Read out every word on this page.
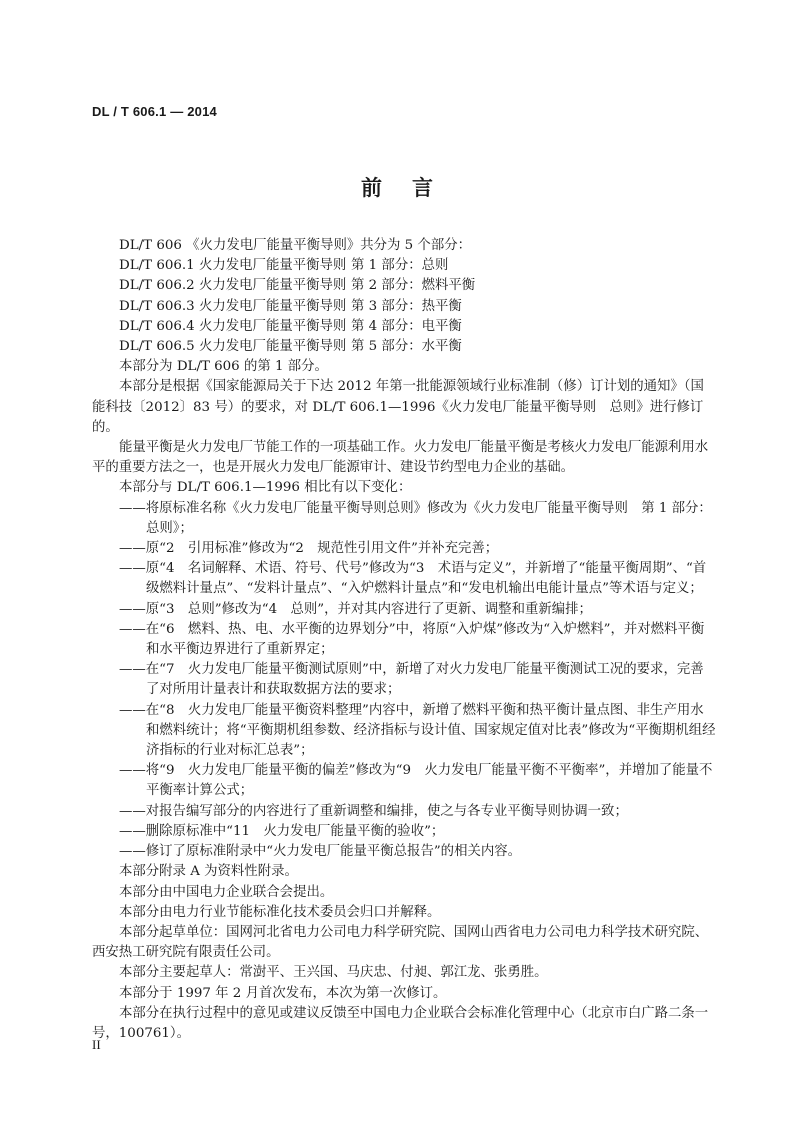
DL / T 606.1 — 2014
前言

DL/T 606 《火力发电厂能量平衡导则》共分为 5 个部分：

DL/T 606.1 火力发电厂能量平衡导则 第 1 部分：总则
DL/T 606.2 火力发电厂能量平衡导则 第 2 部分：燃料平衡
DL/T 606.3 火力发电厂能量平衡导则 第 3 部分：热平衡
DL/T 606.4 火力发电厂能量平衡导则 第 4 部分：电平衡
DL/T 606.5 火力发电厂能量平衡导则 第 5 部分：水平衡

本部分为 DL/T 606 的第 1 部分。

本部分是根据《国家能源局关于下达 2012 年第一批能源领域行业标准制（修）订计划的通知》（国能科技〔2012〕83 号）的要求，对 DL/T 606.1—1996《火力发电厂能量平衡导则　总则》进行修订的。

能量平衡是火力发电厂节能工作的一项基础工作。火力发电厂能量平衡是考核火力发电厂能源利用水平的重要方法之一，也是开展火力发电厂能源审计、建设节约型电力企业的基础。

本部分与 DL/T 606.1—1996 相比有以下变化：

——将原标准名称《火力发电厂能量平衡导则总则》修改为《火力发电厂能量平衡导则　第 1 部分：总则》；

——原“2　引用标准”修改为“2　规范性引用文件”并补充完善；

——原“4　名词解释、术语、符号、代号”修改为“3　术语与定义”，并新增了“能量平衡周期”、“首级燃料计量点”、“发料计量点”、“入炉燃料计量点”和“发电机输出电能计量点”等术语与定义；

——原“3　总则”修改为“4　总则”，并对其内容进行了更新、调整和重新编排；

——在“6　燃料、热、电、水平衡的边界划分”中，将原“入炉煤”修改为“入炉燃料”，并对燃料平衡和水平衡边界进行了重新界定；

——在“7　火力发电厂能量平衡测试原则”中，新增了对火力发电厂能量平衡测试工况的要求，完善了对所用计量表计和获取数据方法的要求；

——在“8　火力发电厂能量平衡资料整理”内容中，新增了燃料平衡和热平衡计量点图、非生产用水和燃料统计；将“平衡期机组参数、经济指标与设计值、国家规定值对比表”修改为“平衡期机组经济指标的行业对标汇总表”；

——将“9　火力发电厂能量平衡的偏差”修改为“9　火力发电厂能量平衡不平衡率”，并增加了能量不平衡率计算公式；

——对报告编写部分的内容进行了重新调整和编排，使之与各专业平衡导则协调一致；

——删除原标准中“11　火力发电厂能量平衡的验收”；

——修订了原标准附录中“火力发电厂能量平衡总报告”的相关内容。

本部分附录 A 为资料性附录。

本部分由中国电力企业联合会提出。

本部分由电力行业节能标准化技术委员会归口并解释。

本部分起草单位：国网河北省电力公司电力科学研究院、国网山西省电力公司电力科学技术研究院、西安热工研究院有限责任公司。

本部分主要起草人：常澍平、王兴国、马庆忠、付昶、郭江龙、张勇胜。

本部分于 1997 年 2 月首次发布，本次为第一次修订。

本部分在执行过程中的意见或建议反馈至中国电力企业联合会标准化管理中心（北京市白广路二条一号，100761）。

II
